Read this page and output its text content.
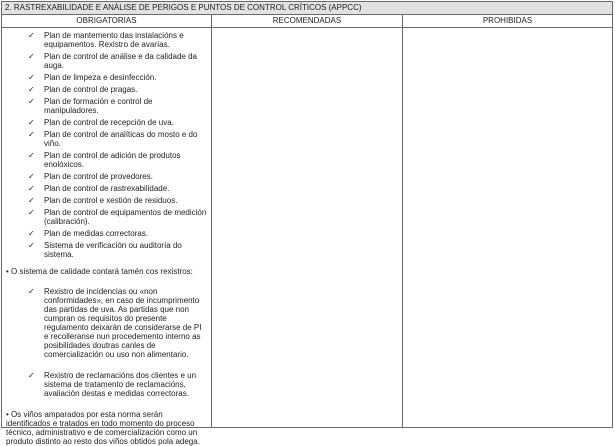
2. RASTREXABILIDADE E ANÁLISE DE PERIGOS E PUNTOS DE CONTROL CRÍTICOS (APPCC)
OBRIGATORIAS	RECOMENDADAS	PROHIBIDAS
✓ Plan de mantemento das instalacións e equipamentos. Rexistro de avarías.
✓ Plan de control de análise e da calidade da auga.
✓ Plan de limpeza e desinfección.
✓ Plan de control de pragas.
✓ Plan de formación e control de manipuladores.
✓ Plan de control de recepción de uva.
✓ Plan de control de analíticas do mosto e do viño.
✓ Plan de control de adición de produtos enolóxicos.
✓ Plan de control de provedores.
✓ Plan de control de rastrexabilidade.
✓ Plan de control e xestión de residuos.
✓ Plan de control de equipamentos de medición (calibración).
✓ Plan de medidas correctoras.
✓ Sistema de verificación ou auditoría do sistema.

• O sistema de calidade contará tamén cos rexistros:

✓ Rexistro de incidencias ou «non conformidades», en caso de incumprimento das partidas de uva. As partidas que non cumpran os requisitos do presente regulamento deixarán de considerarse de PI e recolleranse nun procedemento interno as posibilidades doutras canles de comercialización ou uso non alimentario.
✓ Rexistro de reclamacións dos clientes e un sistema de tratamento de reclamacións, avaliación destas e medidas correctoras.

• Os viños amparados por esta norma serán identificados e tratados en todo momento do proceso técnico, administrativo e de comercialización como un produto distinto ao resto dos viños obtidos pola adega.
